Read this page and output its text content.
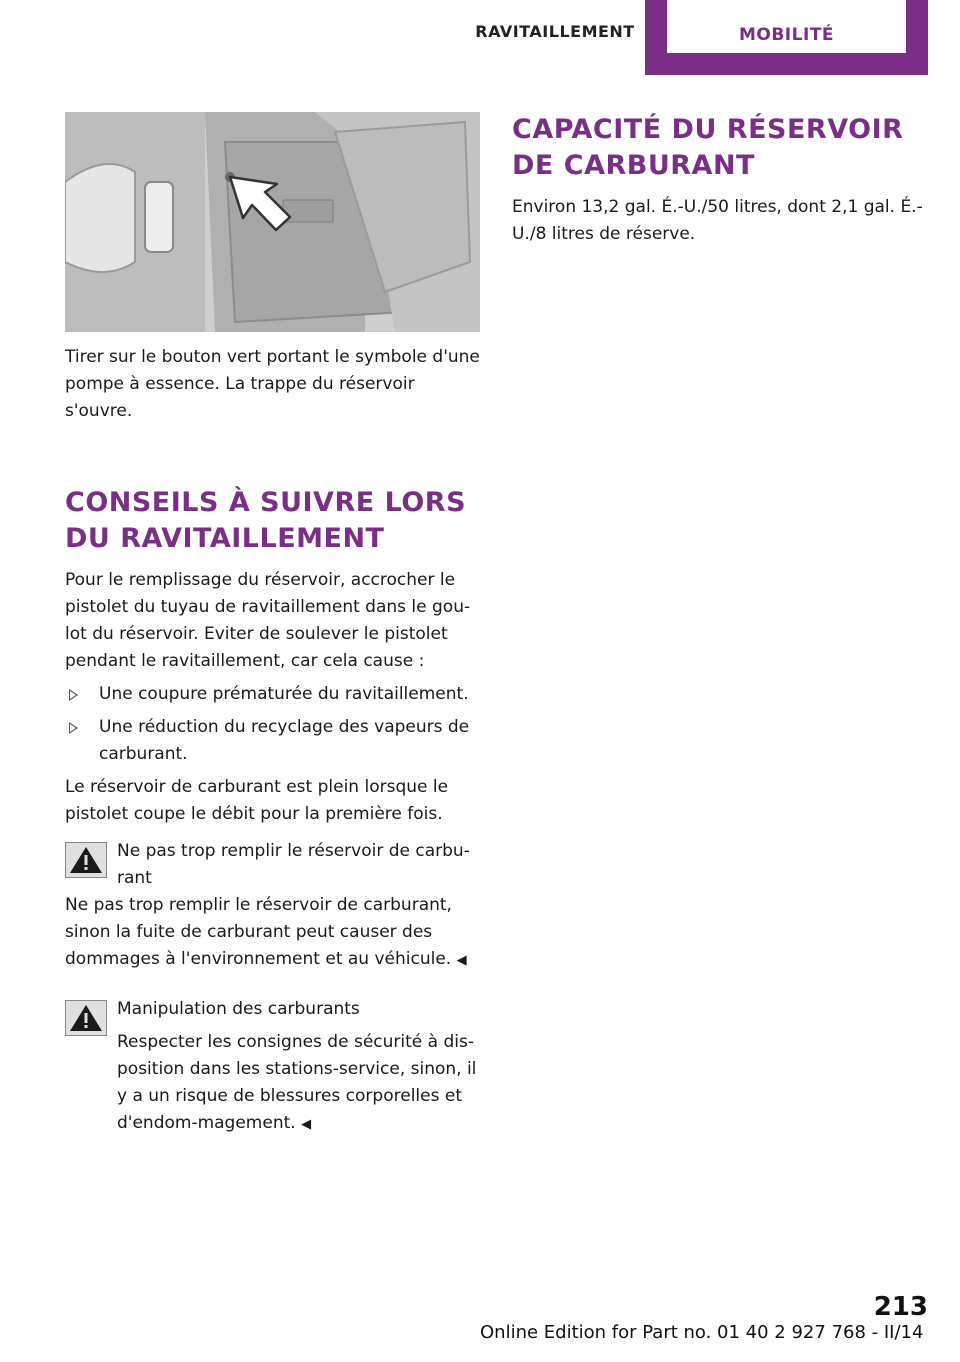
RAVITAILLEMENT	MOBILITÉ

Tirer sur le bouton vert portant le symbole d'une pompe à essence. La trappe du réservoir s'ouvre.

CONSEILS À SUIVRE LORS DU RAVITAILLEMENT

Pour le remplissage du réservoir, accrocher le pistolet du tuyau de ravitaillement dans le gou-lot du réservoir. Eviter de soulever le pistolet pendant le ravitaillement, car cela cause :

Une coupure prématurée du ravitaillement.
Une réduction du recyclage des vapeurs de carburant.

Le réservoir de carburant est plein lorsque le pistolet coupe le débit pour la première fois.

Ne pas trop remplir le réservoir de carbu-rant

Ne pas trop remplir le réservoir de carburant, sinon la fuite de carburant peut causer des dommages à l'environnement et au véhicule. ◀

Manipulation des carburants

Respecter les consignes de sécurité à dis-position dans les stations-service, sinon, il y a un risque de blessures corporelles et d'endom-magement. ◀

CAPACITÉ DU RÉSERVOIR DE CARBURANT

Environ 13,2 gal. É.-U./50 litres, dont 2,1 gal. É.-U./8 litres de réserve.

213
Online Edition for Part no. 01 40 2 927 768 - II/14
